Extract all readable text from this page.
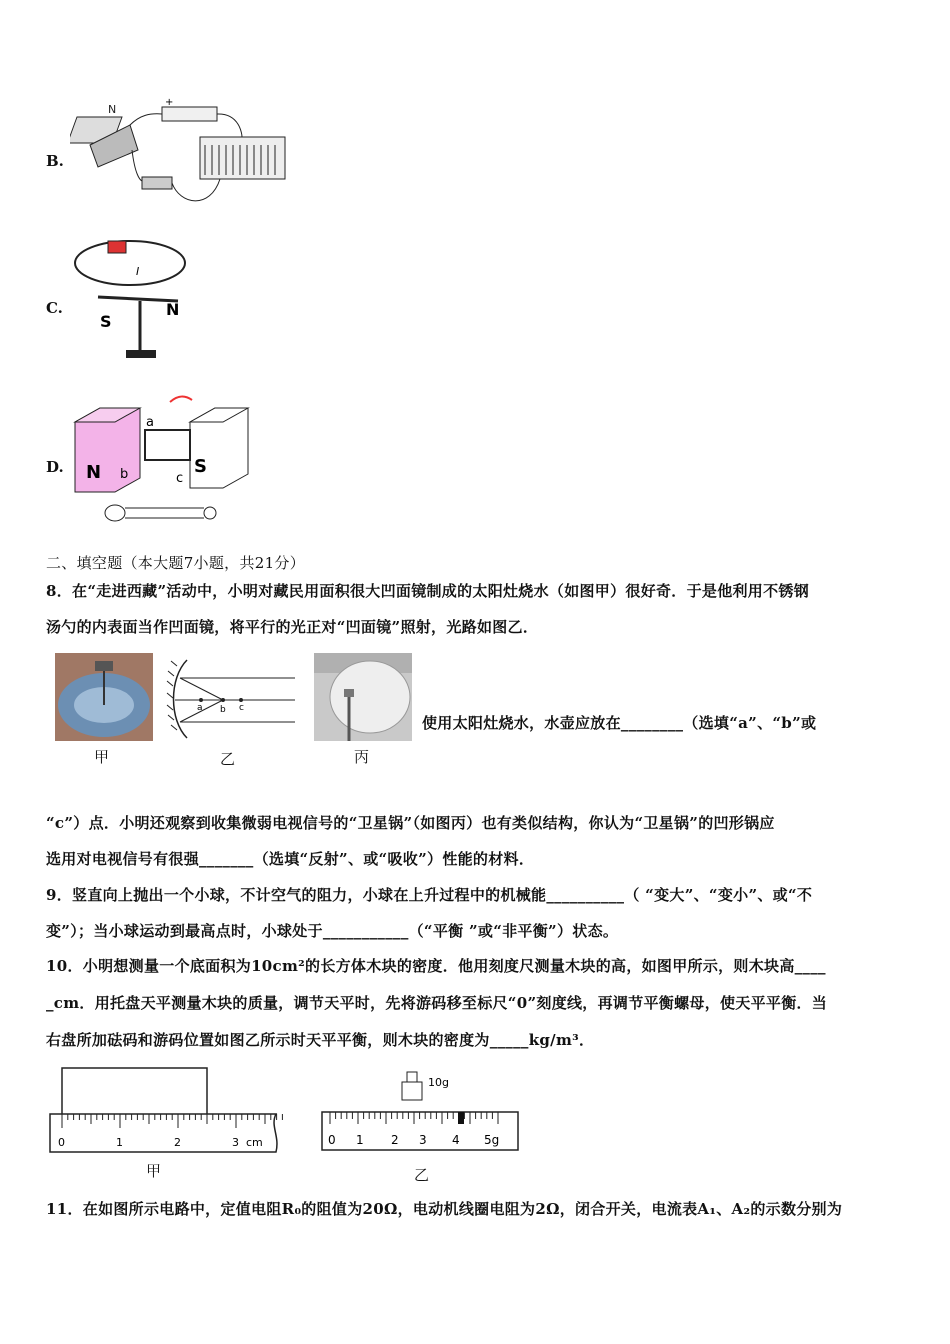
B.
N
+
C.
S
N
I
D. N	S
a
b	c
二、填空题（本大题7小题，共21分）
8．在“走进西藏”活动中，小明对藏民用面积很大凹面镜制成的太阳灶烧水（如图甲）很好奇．于是他利用不锈钢
汤勺的内表面当作凹面镜，将平行的光正对“凹面镜”照射，光路如图乙．
甲
a b c
乙	丙
使用太阳灶烧水，水壶应放在________（选填“a”、“b”或
“c”）点．小明还观察到收集微弱电视信号的“卫星锅”（如图丙）也有类似结构，你认为“卫星锅”的凹形锅应
选用对电视信号有很强_______（选填“反射”、或“吸收”）性能的材料．
9．竖直向上抛出一个小球，不计空气的阻力，小球在上升过程中的机械能__________（ “变大”、“变小”、或“不
变”）；当小球运动到最高点时，小球处于___________（“平衡 ”或“非平衡”）状态。
10．小明想测量一个底面积为10cm²的长方体木块的密度．他用刻度尺测量木块的高，如图甲所示，则木块高____
_cm．用托盘天平测量木块的质量，调节天平时，先将游码移至标尺“0”刻度线，再调节平衡螺母，使天平平衡．当
右盘所加砝码和游码位置如图乙所示时天平平衡，则木块的密度为_____kg/m³．
0	1	2	3 cm
甲
10g
0 1 2 3 4 5g
乙
11．在如图所示电路中，定值电阻R₀的阻值为20Ω，电动机线圈电阻为2Ω，闭合开关，电流表A₁、A₂的示数分别为
